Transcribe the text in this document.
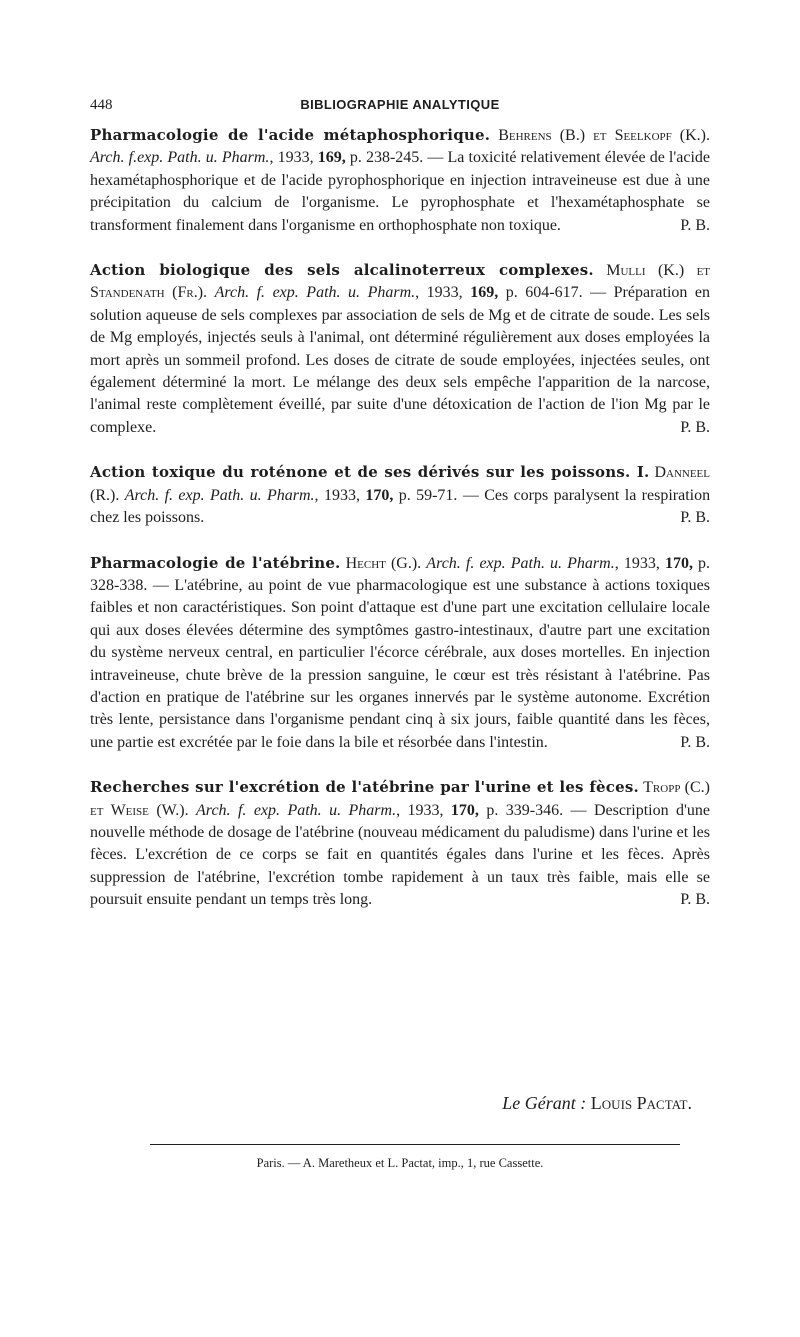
448	BIBLIOGRAPHIE ANALYTIQUE

Pharmacologie de l'acide métaphosphorique. Behrens (B.) et Seelkopf (K.). Arch. f.exp. Path. u. Pharm., 1933, 169, p. 238-245. — La toxicité relativement élevée de l'acide hexamétaphosphorique et de l'acide pyrophosphorique en injection intraveineuse est due à une précipitation du calcium de l'organisme. Le pyrophosphate et l'hexamétaphosphate se transforment finalement dans l'organisme en orthophosphate non toxique.	P. B.

Action biologique des sels alcalinoterreux complexes. Mulli (K.) et Standenath (Fr.). Arch. f. exp. Path. u. Pharm., 1933, 169, p. 604-617. — Préparation en solution aqueuse de sels complexes par association de sels de Mg et de citrate de soude. Les sels de Mg employés, injectés seuls à l'animal, ont déterminé régulièrement aux doses employées la mort après un sommeil profond. Les doses de citrate de soude employées, injectées seules, ont également déterminé la mort. Le mélange des deux sels empêche l'apparition de la narcose, l'animal reste complètement éveillé, par suite d'une détoxication de l'action de l'ion Mg par le complexe.	P. B.

Action toxique du roténone et de ses dérivés sur les poissons. I. Danneel (R.). Arch. f. exp. Path. u. Pharm., 1933, 170, p. 59-71. — Ces corps paralysent la respiration chez les poissons.	P. B.

Pharmacologie de l'atébrine. Hecht (G.). Arch. f. exp. Path. u. Pharm., 1933, 170, p. 328-338. — L'atébrine, au point de vue pharmacologique est une substance à actions toxiques faibles et non caractéristiques. Son point d'attaque est d'une part une excitation cellulaire locale qui aux doses élevées détermine des symptômes gastro-intestinaux, d'autre part une excitation du système nerveux central, en particulier l'écorce cérébrale, aux doses mortelles. En injection intraveineuse, chute brève de la pression sanguine, le cœur est très résistant à l'atébrine. Pas d'action en pratique de l'atébrine sur les organes innervés par le système autonome. Excrétion très lente, persistance dans l'organisme pendant cinq à six jours, faible quantité dans les fèces, une partie est excrétée par le foie dans la bile et résorbée dans l'intestin.	P. B.

Recherches sur l'excrétion de l'atébrine par l'urine et les fèces. Tropp (C.) et Weise (W.). Arch. f. exp. Path. u. Pharm., 1933, 170, p. 339-346. — Description d'une nouvelle méthode de dosage de l'atébrine (nouveau médicament du paludisme) dans l'urine et les fèces. L'excrétion de ce corps se fait en quantités égales dans l'urine et les fèces. Après suppression de l'atébrine, l'excrétion tombe rapidement à un taux très faible, mais elle se poursuit ensuite pendant un temps très long.	P. B.

Le Gérant : Louis Pactat.
Paris. — A. Maretheux et L. Pactat, imp., 1, rue Cassette.
